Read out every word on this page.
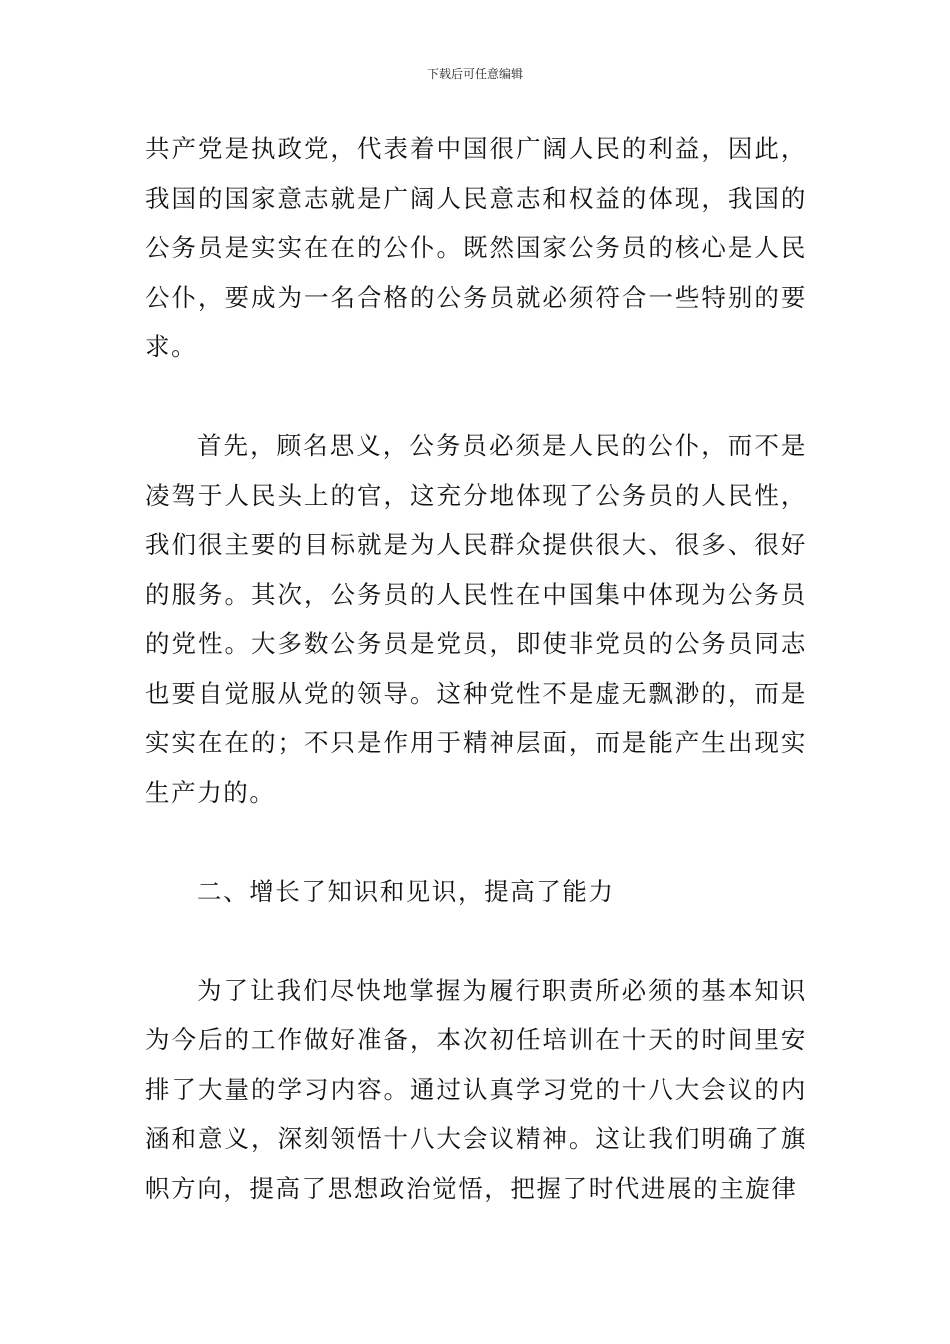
下载后可任意编辑

共产党是执政党，代表着中国很广阔人民的利益，因此，我国的国家意志就是广阔人民意志和权益的体现，我国的公务员是实实在在的公仆。既然国家公务员的核心是人民公仆，要成为一名合格的公务员就必须符合一些特别的要求。

首先，顾名思义，公务员必须是人民的公仆，而不是凌驾于人民头上的官，这充分地体现了公务员的人民性，我们很主要的目标就是为人民群众提供很大、很多、很好的服务。其次，公务员的人民性在中国集中体现为公务员的党性。大多数公务员是党员，即使非党员的公务员同志也要自觉服从党的领导。这种党性不是虚无飘渺的，而是实实在在的；不只是作用于精神层面，而是能产生出现实生产力的。

二、增长了知识和见识，提高了能力

为了让我们尽快地掌握为履行职责所必须的基本知识为今后的工作做好准备，本次初任培训在十天的时间里安排了大量的学习内容。通过认真学习党的十八大会议的内涵和意义，深刻领悟十八大会议精神。这让我们明确了旗帜方向，提高了思想政治觉悟，把握了时代进展的主旋律
